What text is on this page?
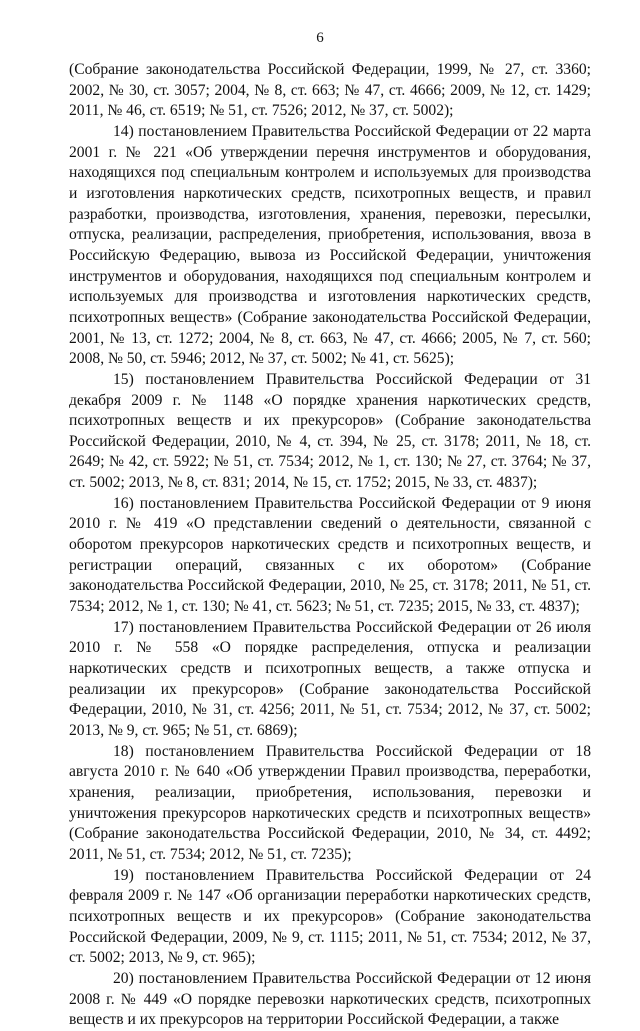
6

(Собрание законодательства Российской Федерации, 1999, № 27, ст. 3360; 2002, № 30, ст. 3057; 2004, № 8, ст. 663; № 47, ст. 4666; 2009, № 12, ст. 1429; 2011, № 46, ст. 6519; № 51, ст. 7526; 2012, № 37, ст. 5002);

14) постановлением Правительства Российской Федерации от 22 марта 2001 г. № 221 «Об утверждении перечня инструментов и оборудования, находящихся под специальным контролем и используемых для производства и изготовления наркотических средств, психотропных веществ, и правил разработки, производства, изготовления, хранения, перевозки, пересылки, отпуска, реализации, распределения, приобретения, использования, ввоза в Российскую Федерацию, вывоза из Российской Федерации, уничтожения инструментов и оборудования, находящихся под специальным контролем и используемых для производства и изготовления наркотических средств, психотропных веществ» (Собрание законодательства Российской Федерации, 2001, № 13, ст. 1272; 2004, № 8, ст. 663, № 47, ст. 4666; 2005, № 7, ст. 560; 2008, № 50, ст. 5946; 2012, № 37, ст. 5002; № 41, ст. 5625);

15) постановлением Правительства Российской Федерации от 31 декабря 2009 г. № 1148 «О порядке хранения наркотических средств, психотропных веществ и их прекурсоров» (Собрание законодательства Российской Федерации, 2010, № 4, ст. 394, № 25, ст. 3178; 2011, № 18, ст. 2649; № 42, ст. 5922; № 51, ст. 7534; 2012, № 1, ст. 130; № 27, ст. 3764; № 37, ст. 5002; 2013, № 8, ст. 831; 2014, № 15, ст. 1752; 2015, № 33, ст. 4837);

16) постановлением Правительства Российской Федерации от 9 июня 2010 г. № 419 «О представлении сведений о деятельности, связанной с оборотом прекурсоров наркотических средств и психотропных веществ, и регистрации операций, связанных с их оборотом» (Собрание законодательства Российской Федерации, 2010, № 25, ст. 3178; 2011, № 51, ст. 7534; 2012, № 1, ст. 130; № 41, ст. 5623; № 51, ст. 7235; 2015, № 33, ст. 4837);

17) постановлением Правительства Российской Федерации от 26 июля 2010 г. № 558 «О порядке распределения, отпуска и реализации наркотических средств и психотропных веществ, а также отпуска и реализации их прекурсоров» (Собрание законодательства Российской Федерации, 2010, № 31, ст. 4256; 2011, № 51, ст. 7534; 2012, № 37, ст. 5002; 2013, № 9, ст. 965; № 51, ст. 6869);

18) постановлением Правительства Российской Федерации от 18 августа 2010 г. № 640 «Об утверждении Правил производства, переработки, хранения, реализации, приобретения, использования, перевозки и уничтожения прекурсоров наркотических средств и психотропных веществ» (Собрание законодательства Российской Федерации, 2010, № 34, ст. 4492; 2011, № 51, ст. 7534; 2012, № 51, ст. 7235);

19) постановлением Правительства Российской Федерации от 24 февраля 2009 г. № 147 «Об организации переработки наркотических средств, психотропных веществ и их прекурсоров» (Собрание законодательства Российской Федерации, 2009, № 9, ст. 1115; 2011, № 51, ст. 7534; 2012, № 37, ст. 5002; 2013, № 9, ст. 965);

20) постановлением Правительства Российской Федерации от 12 июня 2008 г. № 449 «О порядке перевозки наркотических средств, психотропных веществ и их прекурсоров на территории Российской Федерации, а также
